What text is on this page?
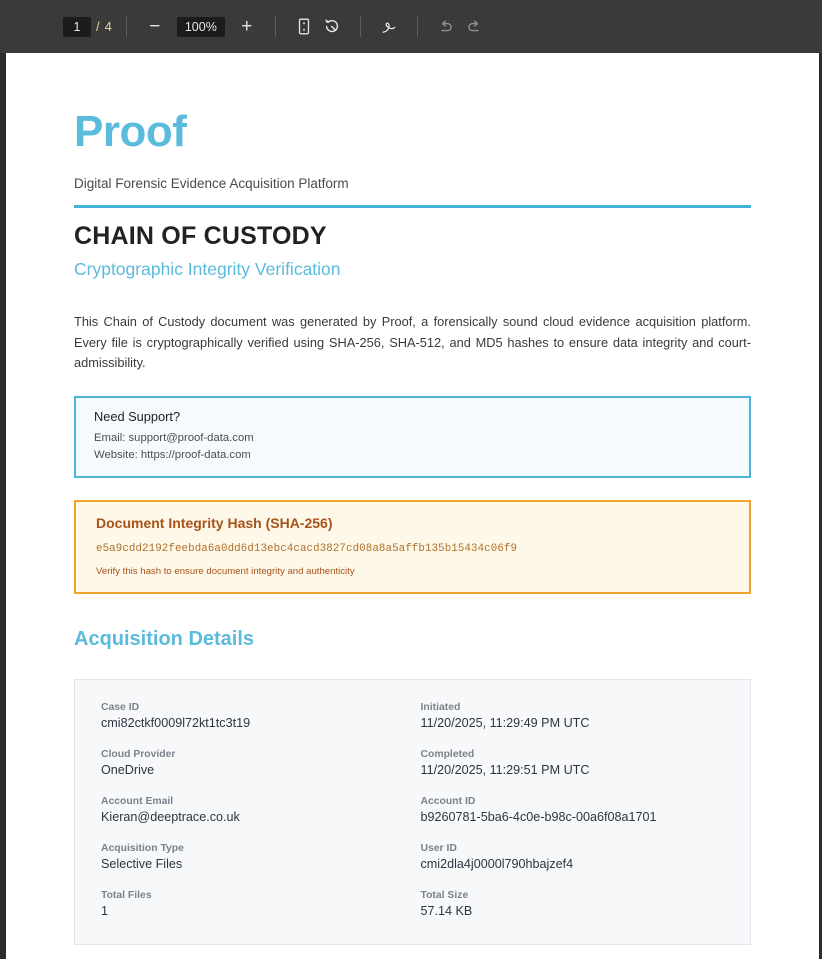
1
/ 4 −	100%	+
Proof
Digital Forensic Evidence Acquisition Platform
CHAIN OF CUSTODY
Cryptographic Integrity Verification

This Chain of Custody document was generated by Proof, a forensically sound cloud evidence acquisition platform. Every file is cryptographically verified using SHA-256, SHA-512, and MD5 hashes to ensure data integrity and court-admissibility.

Need Support?
Email: support@proof-data.com
Website: https://proof-data.com
Document Integrity Hash (SHA-256)
e5a9cdd2192feebda6a0dd6d13ebc4cacd3827cd08a8a5affb135b15434c06f9
Verify this hash to ensure document integrity and authenticity
Acquisition Details
Case ID
cmi82ctkf0009l72kt1tc3t19
Initiated
11/20/2025, 11:29:49 PM UTC
Cloud Provider
OneDrive
Completed
11/20/2025, 11:29:51 PM UTC
Account Email
Kieran@deeptrace.co.uk
Account ID
b9260781-5ba6-4c0e-b98c-00a6f08a1701
Acquisition Type
Selective Files
User ID
cmi2dla4j0000l790hbajzef4
Total Files
1
Total Size
57.14 KB
